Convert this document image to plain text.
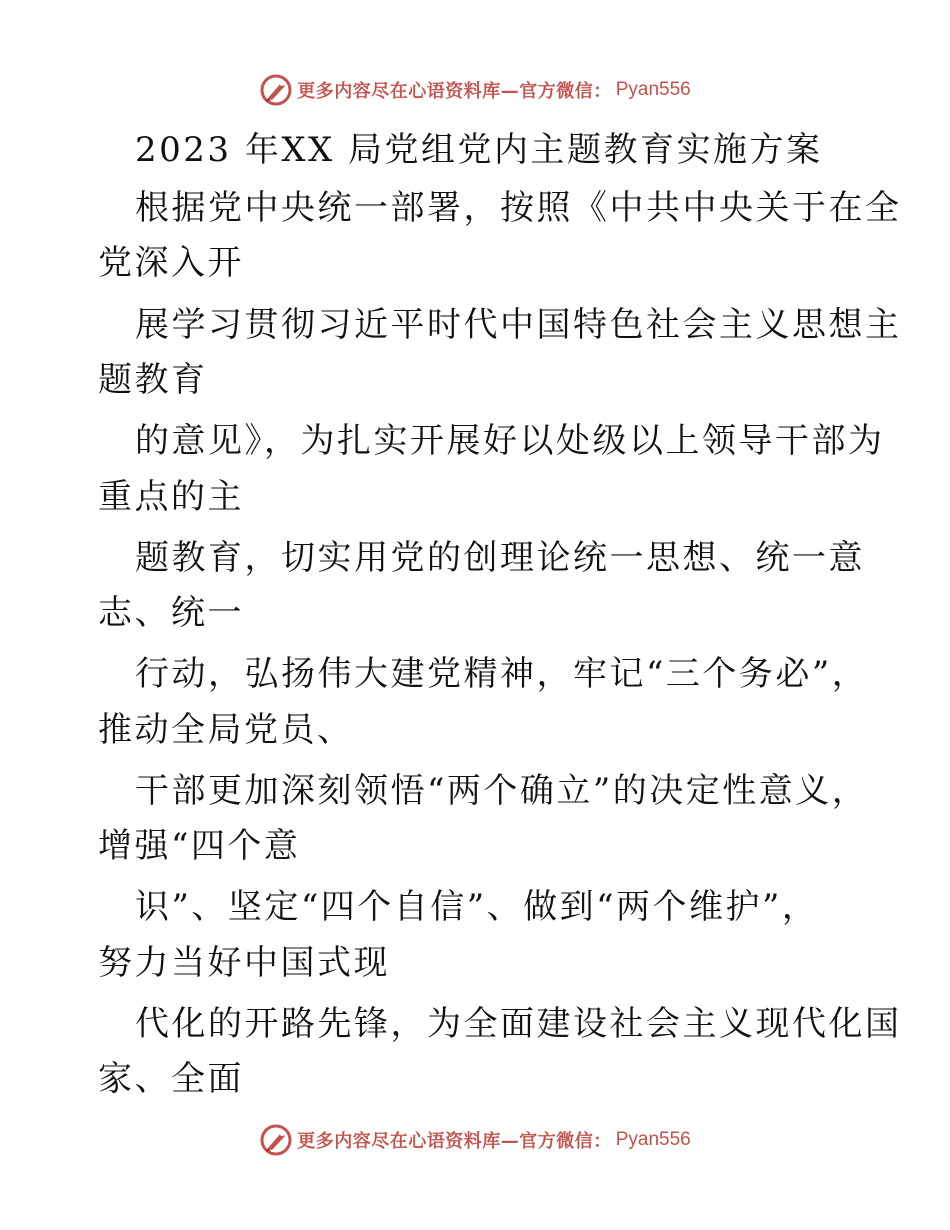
更多内容尽在心语资料库—官方微信： Pyan556
2023 年XX 局党组党内主题教育实施方案
根据党中央统一部署，按照《中共中央关于在全
党深入开
展学习贯彻习近平时代中国特色社会主义思想主
题教育
的意见》，为扎实开展好以处级以上领导干部为
重点的主
题教育，切实用党的创理论统一思想、统一意
志、统一
行动，弘扬伟大建党精神，牢记“三个务必”，
推动全局党员、
干部更加深刻领悟“两个确立”的决定性意义，
增强“四个意
识”、坚定“四个自信”、做到“两个维护”，
努力当好中国式现
代化的开路先锋，为全面建设社会主义现代化国
家、全面
更多内容尽在心语资料库—官方微信： Pyan556
